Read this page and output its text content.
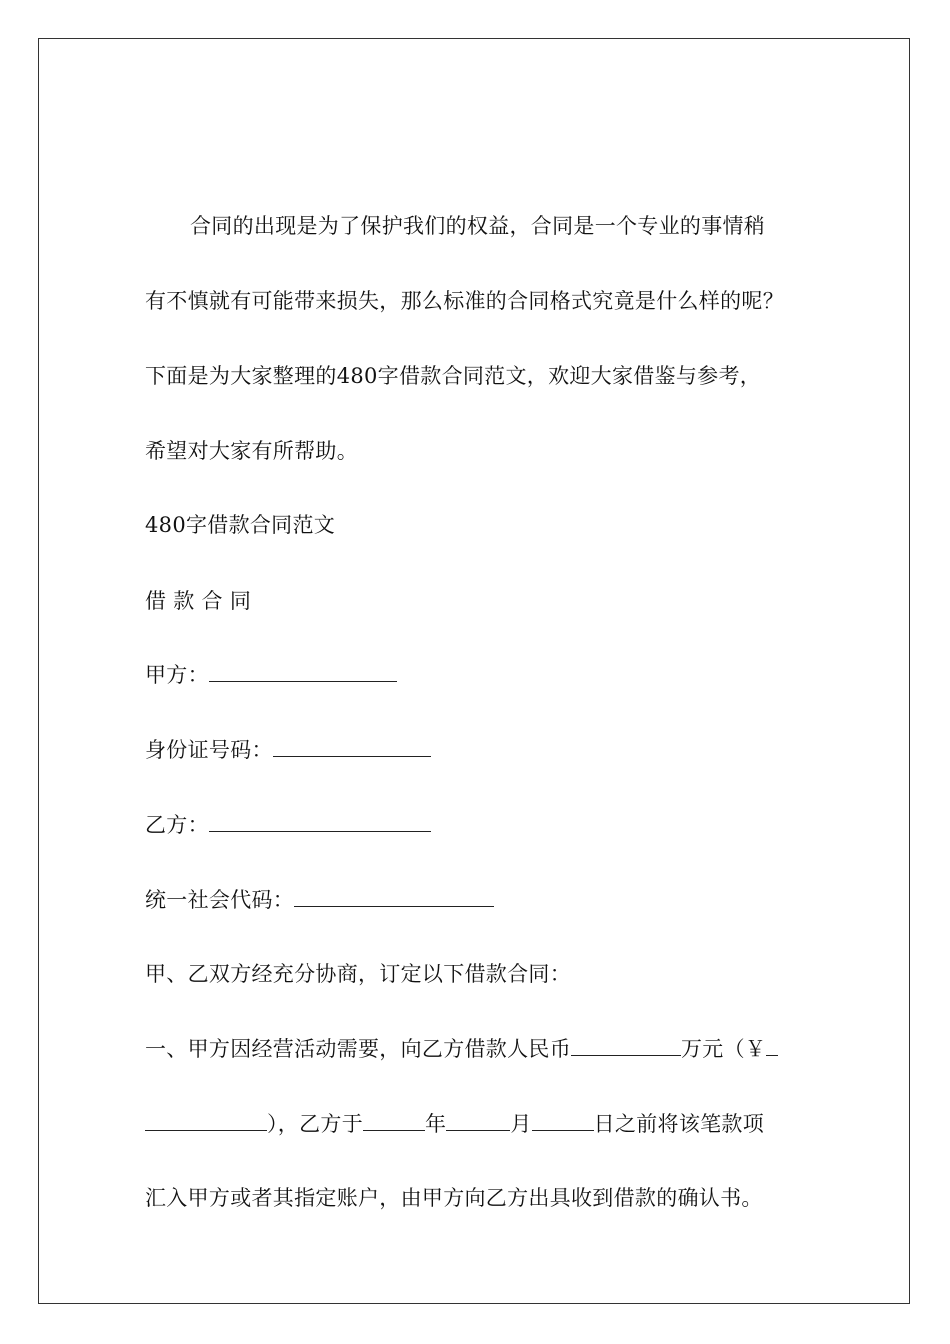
合同的出现是为了保护我们的权益，合同是一个专业的事情稍
有不慎就有可能带来损失，那么标准的合同格式究竟是什么样的呢？
下面是为大家整理的480字借款合同范文，欢迎大家借鉴与参考，
希望对大家有所帮助。
480字借款合同范文
借 款 合 同
甲方：
身份证号码：
乙方：
统一社会代码：
甲、乙双方经充分协商，订定以下借款合同：
一、甲方因经营活动需要，向乙方借款人民币	万元（￥
），乙方于	年	月	日之前将该笔款项
汇入甲方或者其指定账户，由甲方向乙方出具收到借款的确认书。
